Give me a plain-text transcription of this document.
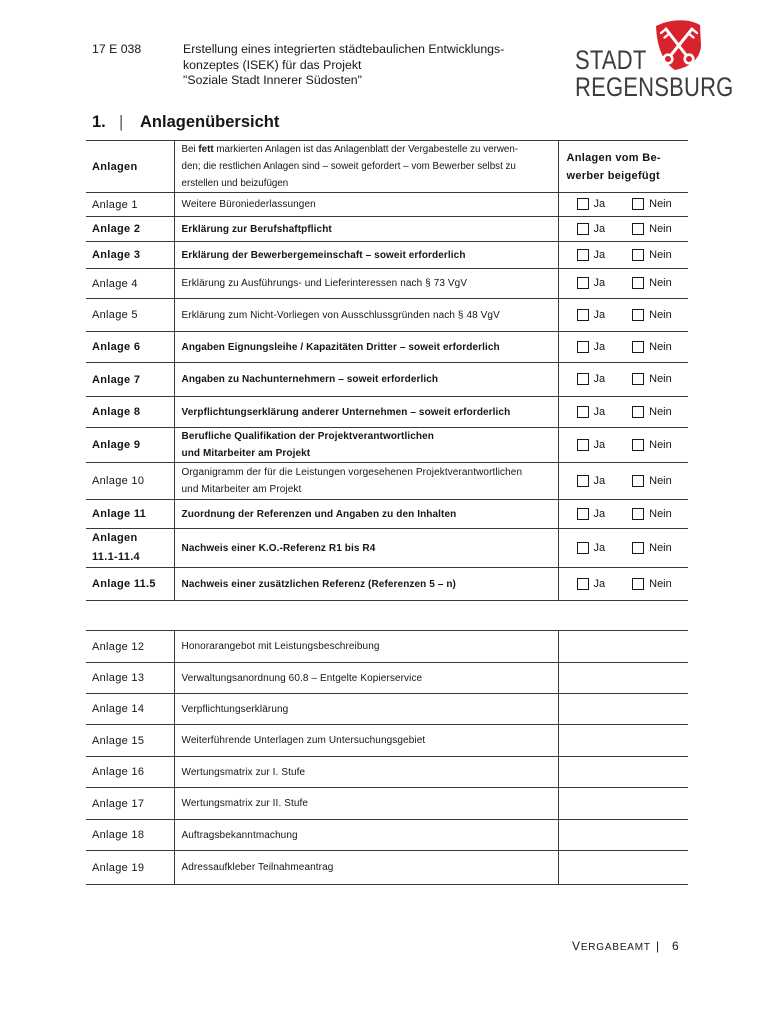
17 E 038	Erstellung eines integrierten städtebaulichen Entwicklungs-
konzeptes (ISEK) für das Projekt
"Soziale Stadt Innerer Südosten"
STADT
REGENSBURG
1. | Anlagenübersicht
Anlagen	Bei fett markierten Anlagen ist das Anlagenblatt der Vergabestelle zu verwen-
den; die restlichen Anlagen sind – soweit gefordert – vom Bewerber selbst zu
erstellen und beizufügen	Anlagen vom Be-
werber beigefügt

Anlage 1	Weitere Büroniederlassungen	Ja Nein

Anlage 2	Erklärung zur Berufshaftpflicht	Ja Nein

Anlage 3	Erklärung der Bewerbergemeinschaft – soweit erforderlich	Ja Nein

Anlage 4	Erklärung zu Ausführungs- und Lieferinteressen nach § 73 VgV	Ja Nein

Anlage 5	Erklärung zum Nicht-Vorliegen von Ausschlussgründen nach § 48 VgV	Ja Nein

Anlage 6	Angaben Eignungsleihe / Kapazitäten Dritter – soweit erforderlich	Ja Nein

Anlage 7	Angaben zu Nachunternehmern – soweit erforderlich	Ja Nein

Anlage 8	Verpflichtungserklärung anderer Unternehmen – soweit erforderlich	Ja Nein

Anlage 9	Berufliche Qualifikation der Projektverantwortlichen
und Mitarbeiter am Projekt	Ja Nein

Anlage 10	Organigramm der für die Leistungen vorgesehenen Projektverantwortlichen
und Mitarbeiter am Projekt	Ja Nein

Anlage 11	Zuordnung der Referenzen und Angaben zu den Inhalten	Ja Nein

Anlagen
11.1-11.4	Nachweis einer K.O.-Referenz R1 bis R4	Ja Nein

Anlage 11.5	Nachweis einer zusätzlichen Referenz (Referenzen 5 – n)	Ja Nein
Anlage 12	Honorarangebot mit Leistungsbeschreibung	
Anlage 13	Verwaltungsanordnung 60.8 – Entgelte Kopierservice	
Anlage 14	Verpflichtungserklärung	
Anlage 15	Weiterführende Unterlagen zum Untersuchungsgebiet	
Anlage 16	Wertungsmatrix zur I. Stufe	
Anlage 17	Wertungsmatrix zur II. Stufe	
Anlage 18	Auftragsbekanntmachung	
Anlage 19	Adressaufkleber Teilnahmeantrag	
VERGABEAMT | 6
